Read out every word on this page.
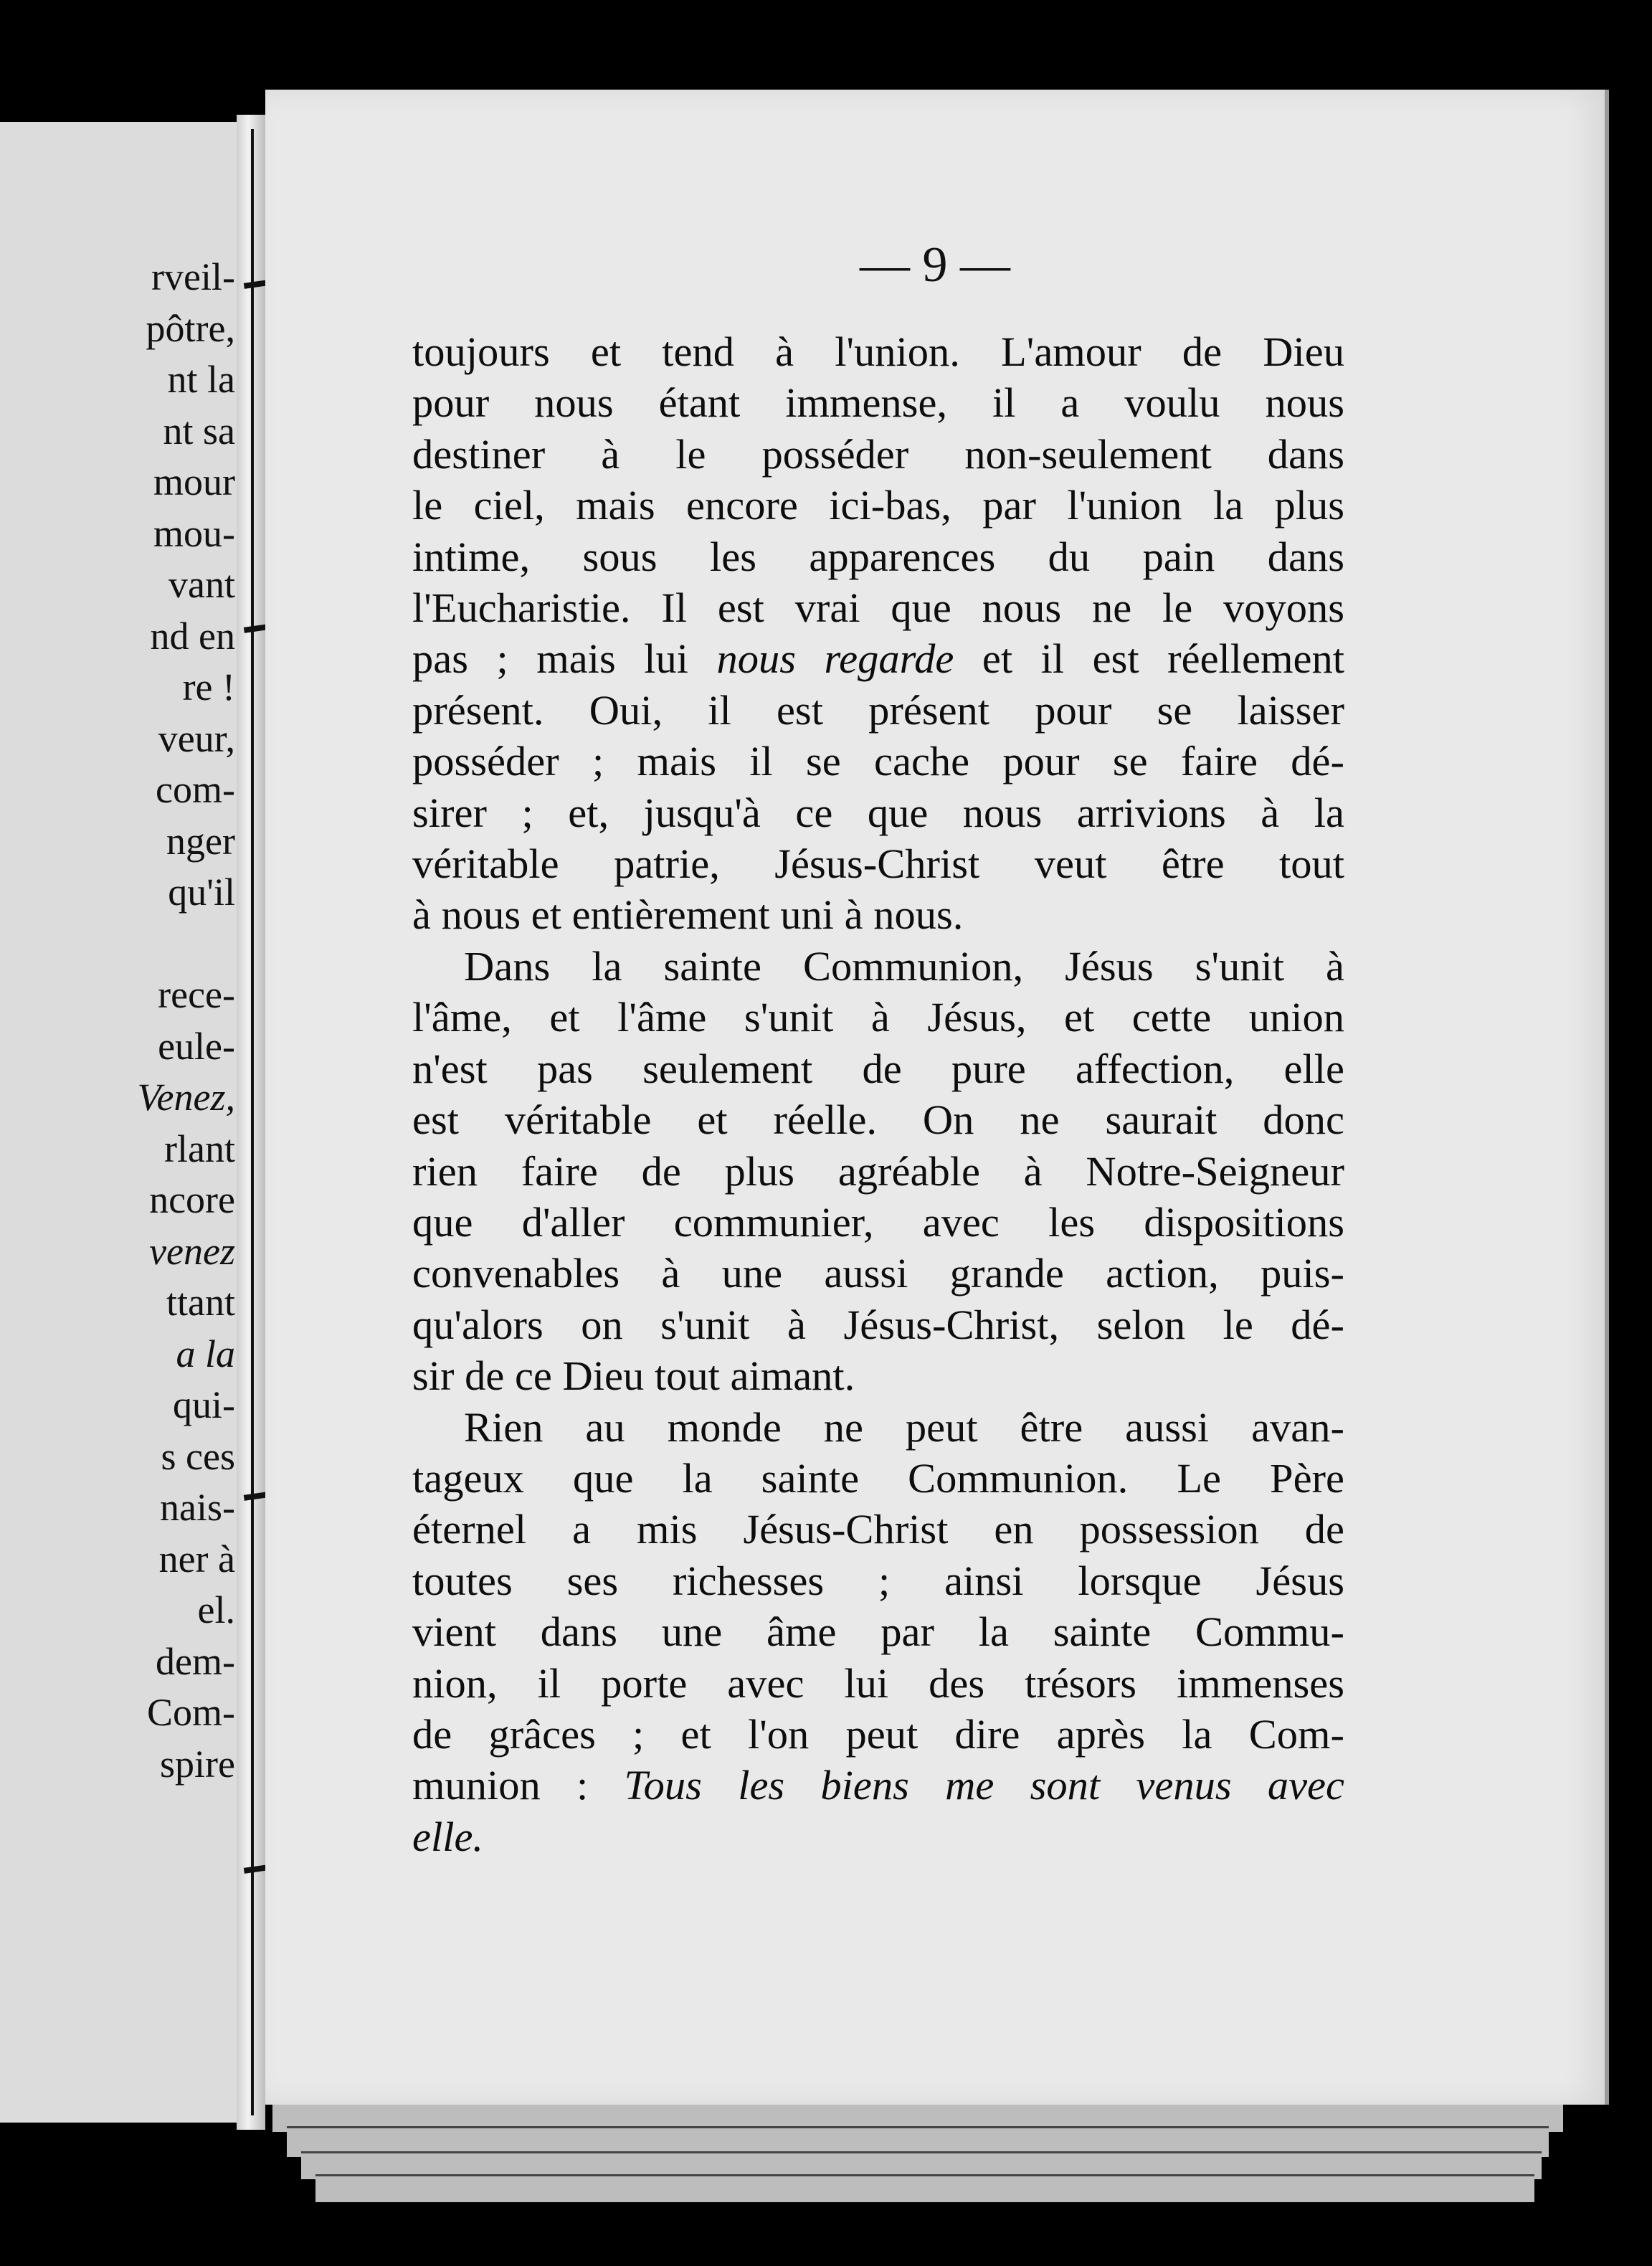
rveil-
pôtre,
nt la
nt sa
mour
mou-
vant
nd en
re !
veur,
com-
nger
qu'il
rece-
eule-
Venez,
rlant
ncore
venez
ttant
a la
qui-
s ces
nais-
ner à
el.
dem-
Com-
spire
— 9 —
toujours et tend à l'union. L'amour de Dieu
pour nous étant immense, il a voulu nous
destiner à le posséder non-seulement dans
le ciel, mais encore ici-bas, par l'union la plus
intime, sous les apparences du pain dans
l'Eucharistie. Il est vrai que nous ne le voyons
pas ; mais lui nous regarde et il est réellement
présent. Oui, il est présent pour se laisser
posséder ; mais il se cache pour se faire dé-
sirer ; et, jusqu'à ce que nous arrivions à la
véritable patrie, Jésus-Christ veut être tout
à nous et entièrement uni à nous.
Dans la sainte Communion, Jésus s'unit à
l'âme, et l'âme s'unit à Jésus, et cette union
n'est pas seulement de pure affection, elle
est véritable et réelle. On ne saurait donc
rien faire de plus agréable à Notre-Seigneur
que d'aller communier, avec les dispositions
convenables à une aussi grande action, puis-
qu'alors on s'unit à Jésus-Christ, selon le dé-
sir de ce Dieu tout aimant.
Rien au monde ne peut être aussi avan-
tageux que la sainte Communion. Le Père
éternel a mis Jésus-Christ en possession de
toutes ses richesses ; ainsi lorsque Jésus
vient dans une âme par la sainte Commu-
nion, il porte avec lui des trésors immenses
de grâces ; et l'on peut dire après la Com-
munion : Tous les biens me sont venus avec
elle.
